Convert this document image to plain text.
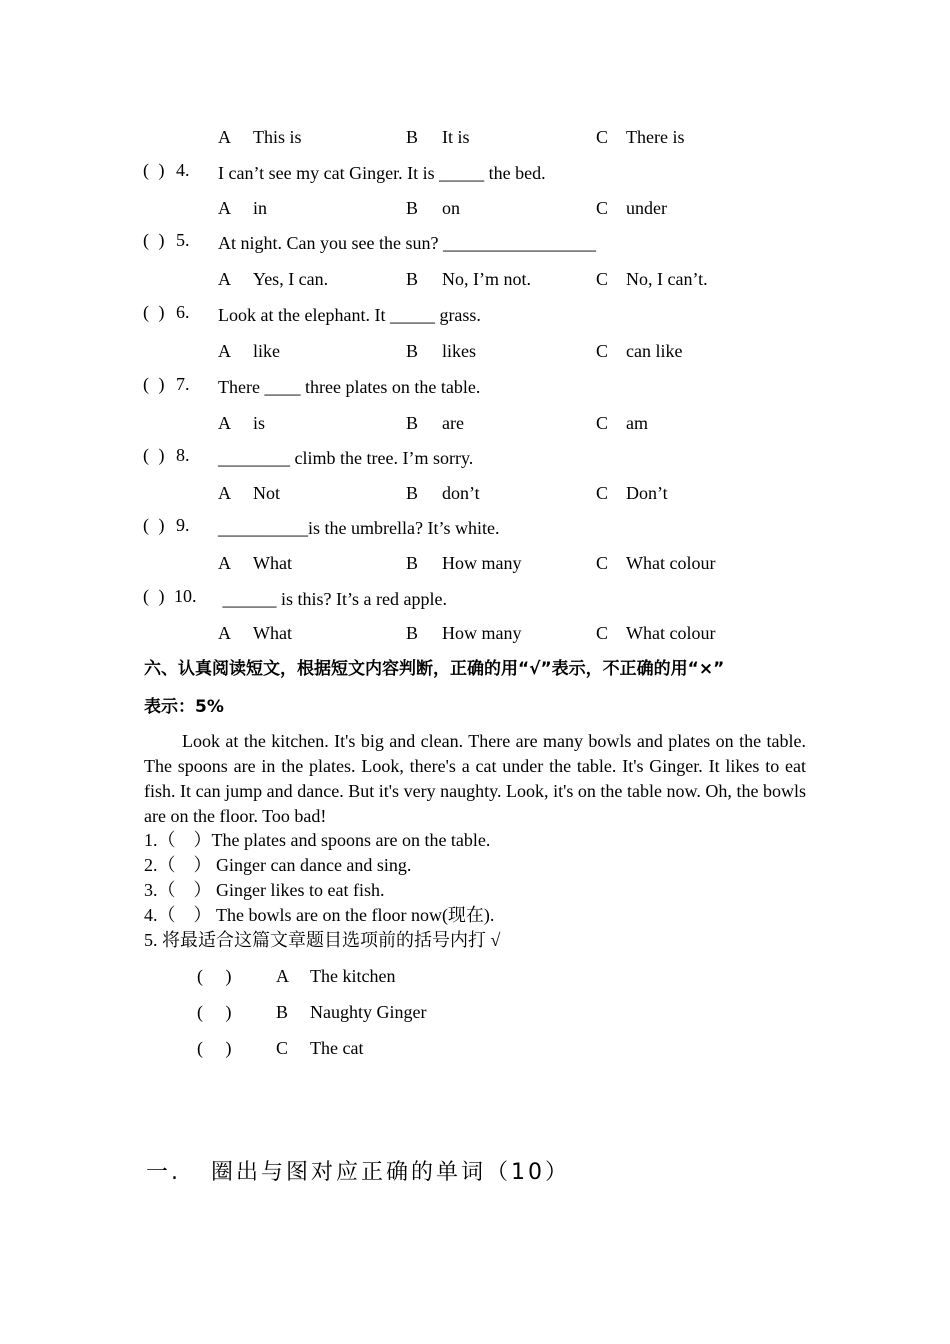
A This is	B It is	C There is
(   ) 4. I can’t see my cat Ginger. It is _____ the bed.
A in	B on	C under
(   ) 5. At night. Can you see the sun? _________________
A Yes, I can.	B No, I’m not.	C No, I can’t.
(   ) 6. Look at the elephant. It _____ grass.
A like	B likes	C can like
(   ) 7. There ____ three plates on the table.
A is	B are	C am
(   ) 8. ________ climb the tree. I’m sorry.
A Not	B don’t	C Don’t
(   ) 9. __________is the umbrella? It’s white.
A What	B How many	C What colour
(   ) 10. ______ is this? It’s a red apple.
A What	B How many	C What colour
六、认真阅读短文，根据短文内容判断，正确的用“√”表示，不正确的用“×”
表示：5%
Look at the kitchen. It's big and clean. There are many bowls and plates on the table. The spoons are in the plates. Look, there's a cat under the table. It's Ginger. It likes to eat fish. It can jump and dance. But it's very naughty. Look, it's on the table now. Oh, the bowls are on the floor. Too bad!
1.（    ）The plates and spoons are on the table.
2.（    ） Ginger can dance and sing.
3.（    ） Ginger likes to eat fish.
4.（    ） The bowls are on the floor now(现在).
5. 将最适合这篇文章题目选项前的括号内打 √
(     ) A The kitchen
(     ) B Naughty Ginger
(     ) C The cat
一.   圈出与图对应正确的单词（10）
